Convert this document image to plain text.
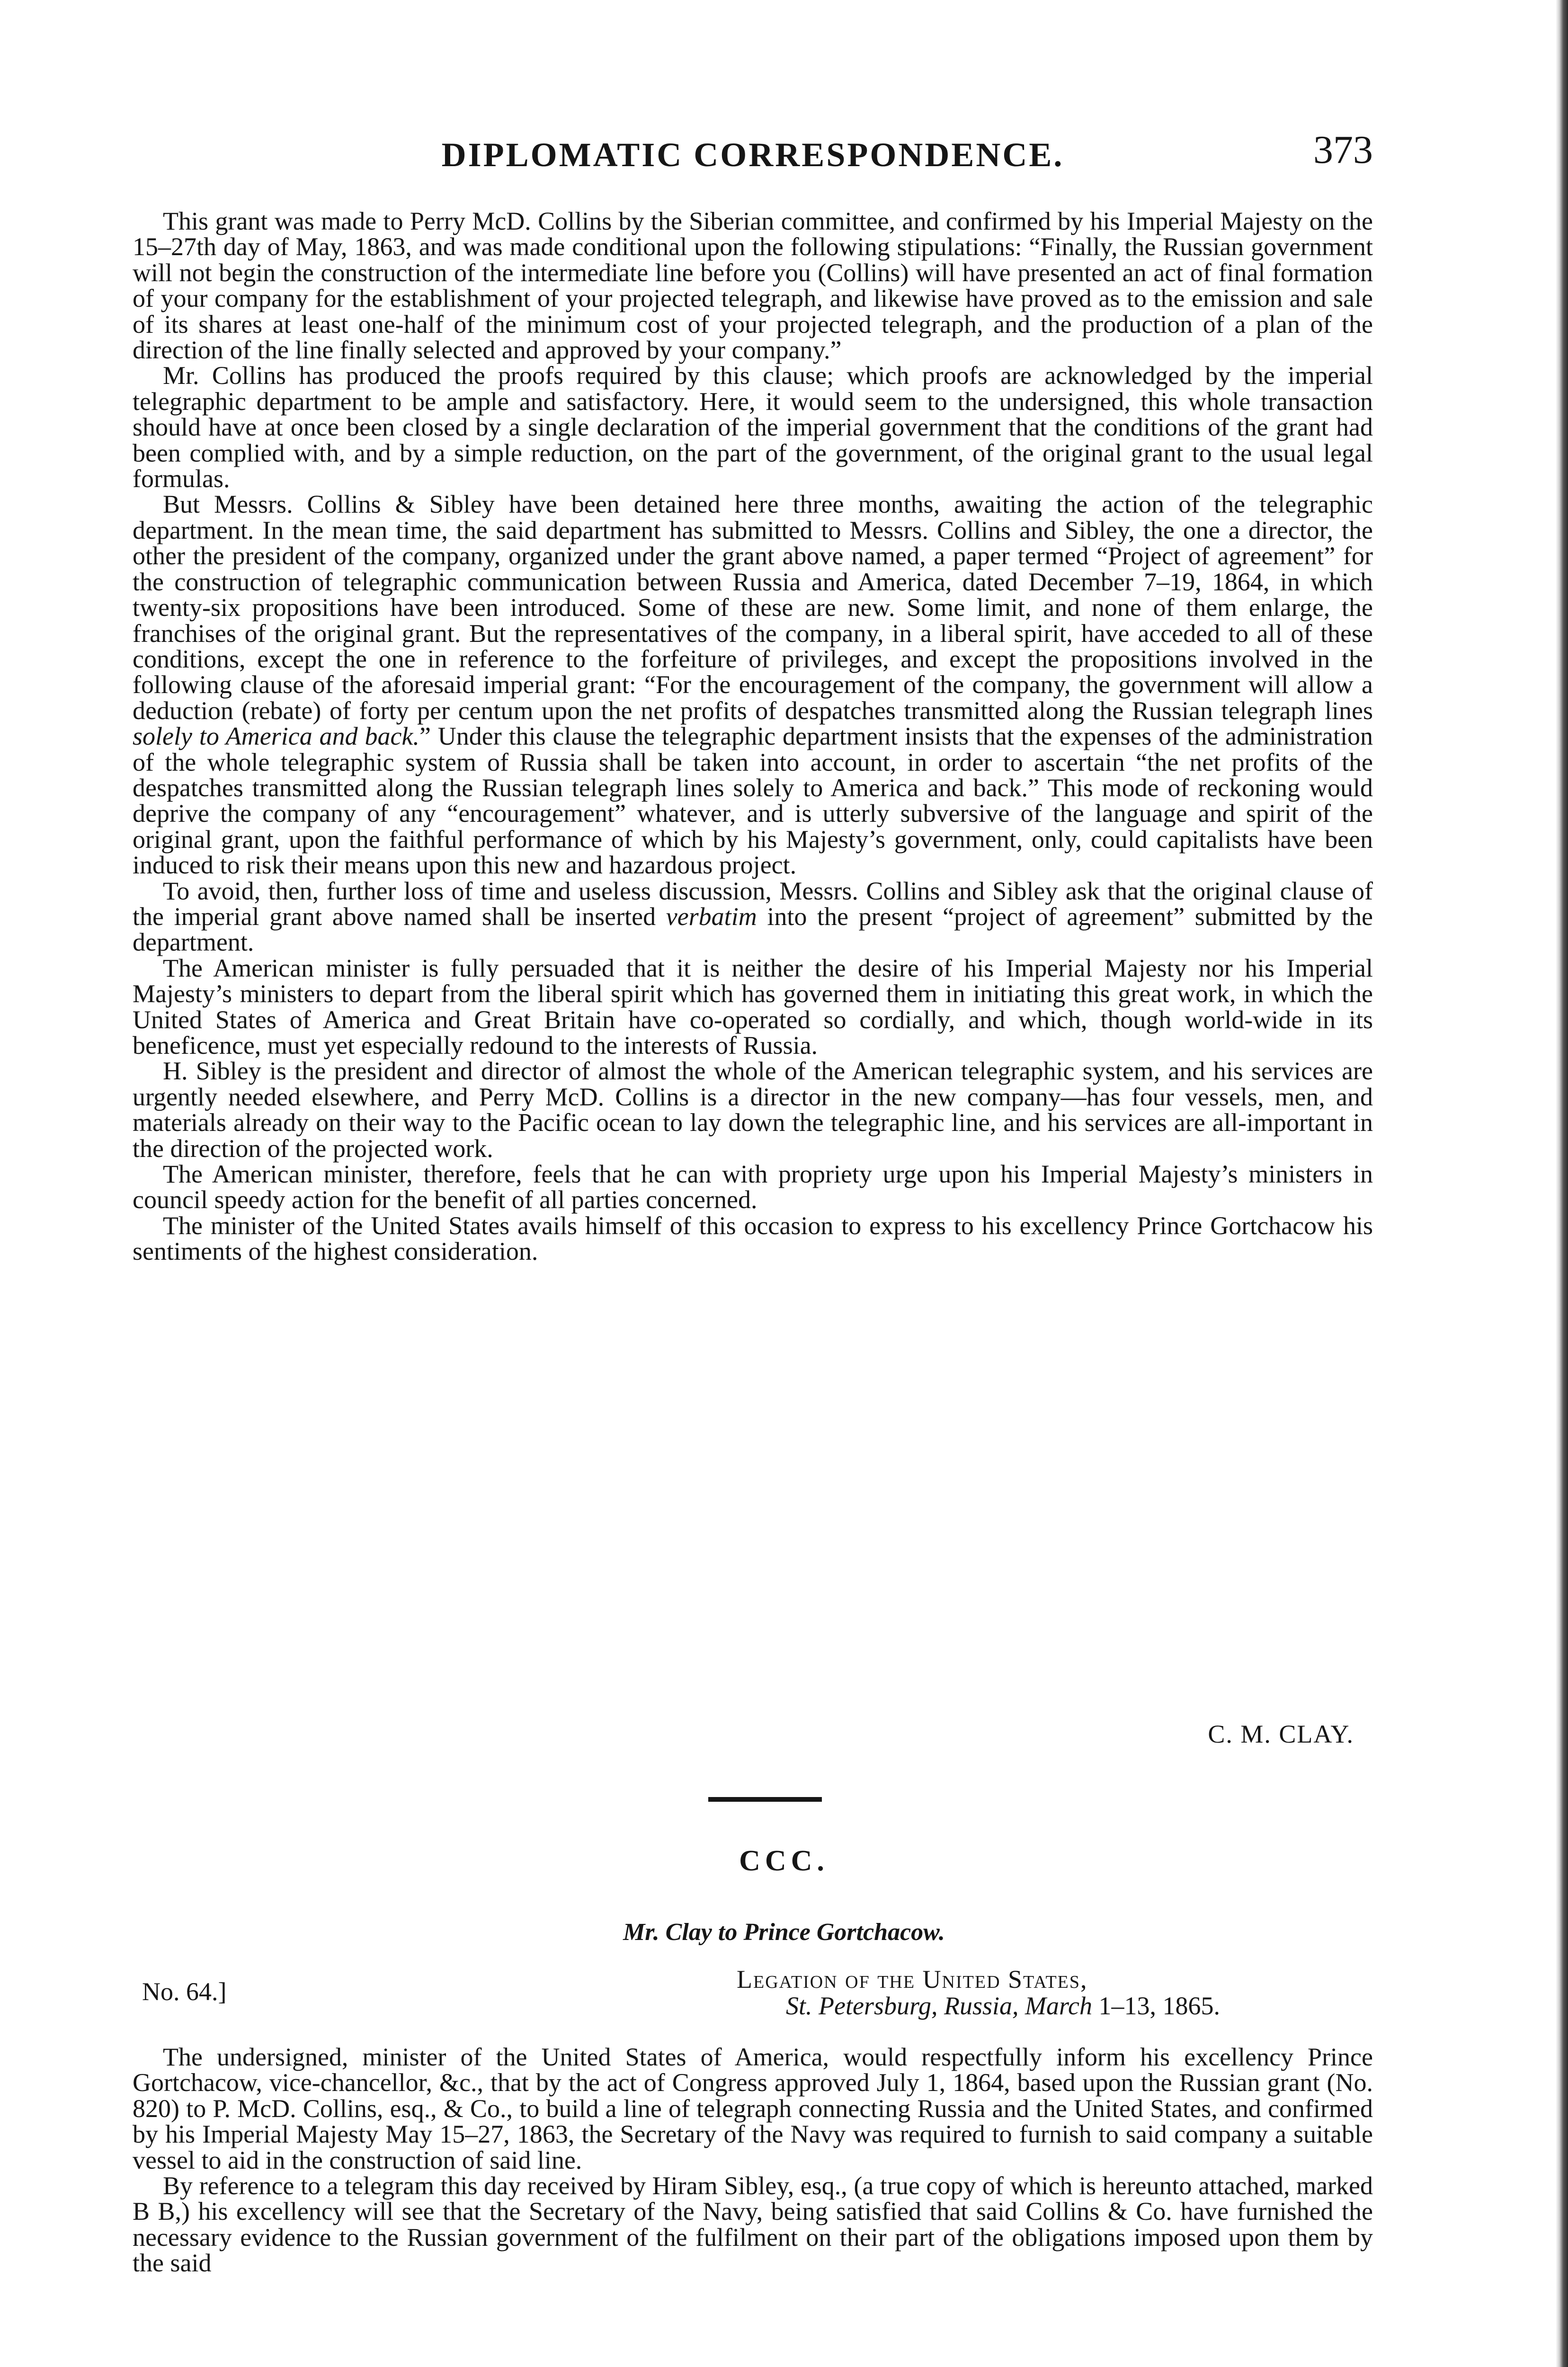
DIPLOMATIC CORRESPONDENCE.	373

This grant was made to Perry McD. Collins by the Siberian committee, and confirmed by his Imperial Majesty on the 15–27th day of May, 1863, and was made conditional upon the following stipulations: “Finally, the Russian government will not begin the construction of the intermediate line before you (Collins) will have presented an act of final formation of your company for the establishment of your projected telegraph, and likewise have proved as to the emission and sale of its shares at least one-half of the minimum cost of your projected telegraph, and the production of a plan of the direction of the line finally selected and approved by your company.”

Mr. Collins has produced the proofs required by this clause; which proofs are acknowledged by the imperial telegraphic department to be ample and satisfactory. Here, it would seem to the undersigned, this whole transaction should have at once been closed by a single declaration of the imperial government that the conditions of the grant had been complied with, and by a simple reduction, on the part of the government, of the original grant to the usual legal formulas.

But Messrs. Collins & Sibley have been detained here three months, awaiting the action of the telegraphic department. In the mean time, the said department has submitted to Messrs. Collins and Sibley, the one a director, the other the president of the company, organized under the grant above named, a paper termed “Project of agreement” for the construction of telegraphic communication between Russia and America, dated December 7–19, 1864, in which twenty-six propositions have been introduced. Some of these are new. Some limit, and none of them enlarge, the franchises of the original grant. But the representatives of the company, in a liberal spirit, have acceded to all of these conditions, except the one in reference to the forfeiture of privileges, and except the propositions involved in the following clause of the aforesaid imperial grant: “For the encouragement of the company, the government will allow a deduction (rebate) of forty per centum upon the net profits of despatches transmitted along the Russian telegraph lines solely to America and back.” Under this clause the telegraphic department insists that the expenses of the administration of the whole telegraphic system of Russia shall be taken into account, in order to ascertain “the net profits of the despatches transmitted along the Russian telegraph lines solely to America and back.” This mode of reckoning would deprive the company of any “encouragement” whatever, and is utterly subversive of the language and spirit of the original grant, upon the faithful performance of which by his Majesty’s government, only, could capitalists have been induced to risk their means upon this new and hazardous project.

To avoid, then, further loss of time and useless discussion, Messrs. Collins and Sibley ask that the original clause of the imperial grant above named shall be inserted verbatim into the present “project of agreement” submitted by the department.

The American minister is fully persuaded that it is neither the desire of his Imperial Majesty nor his Imperial Majesty’s ministers to depart from the liberal spirit which has governed them in initiating this great work, in which the United States of America and Great Britain have co-operated so cordially, and which, though world-wide in its beneficence, must yet especially redound to the interests of Russia.

H. Sibley is the president and director of almost the whole of the American telegraphic system, and his services are urgently needed elsewhere, and Perry McD. Collins is a director in the new company—has four vessels, men, and materials already on their way to the Pacific ocean to lay down the telegraphic line, and his services are all-important in the direction of the projected work.

The American minister, therefore, feels that he can with propriety urge upon his Imperial Majesty’s ministers in council speedy action for the benefit of all parties concerned.

The minister of the United States avails himself of this occasion to express to his excellency Prince Gortchacow his sentiments of the highest consideration.

C. M. CLAY.
CCC.
Mr. Clay to Prince Gortchacow.
No. 64.]	Legation of the United States,
St. Petersburg, Russia, March 1–13, 1865.

The undersigned, minister of the United States of America, would respectfully inform his excellency Prince Gortchacow, vice-chancellor, &c., that by the act of Congress approved July 1, 1864, based upon the Russian grant (No. 820) to P. McD. Collins, esq., & Co., to build a line of telegraph connecting Russia and the United States, and confirmed by his Imperial Majesty May 15–27, 1863, the Secretary of the Navy was required to furnish to said company a suitable vessel to aid in the construction of said line.

By reference to a telegram this day received by Hiram Sibley, esq., (a true copy of which is hereunto attached, marked B B,) his excellency will see that the Secretary of the Navy, being satisfied that said Collins & Co. have furnished the necessary evidence to the Russian government of the fulfilment on their part of the obligations imposed upon them by the said
